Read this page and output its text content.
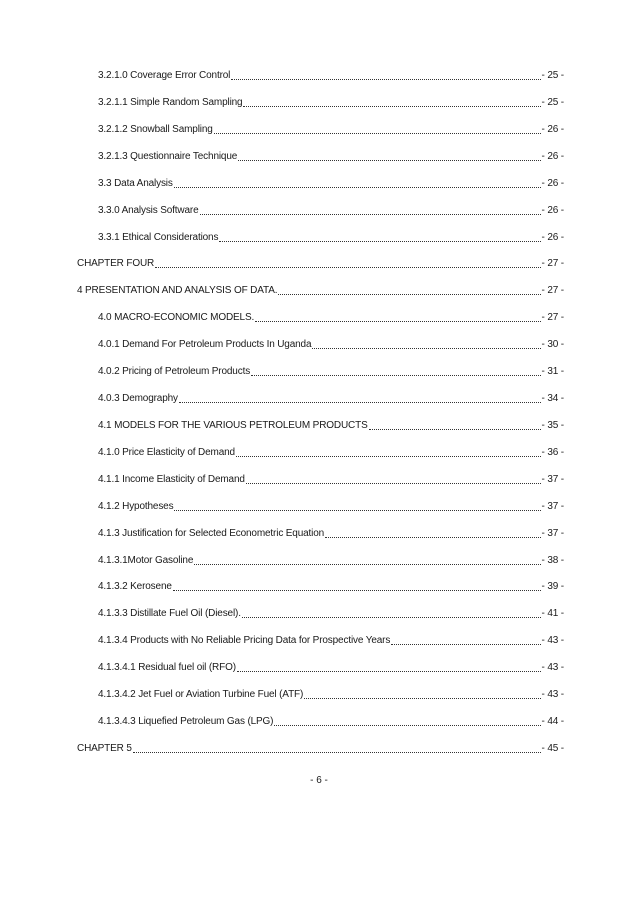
3.2.1.0 Coverage Error Control	- 25 -
3.2.1.1 Simple Random Sampling	- 25 -
3.2.1.2 Snowball Sampling	- 26 -
3.2.1.3 Questionnaire Technique	- 26 -
3.3 Data Analysis	- 26 -
3.3.0 Analysis Software	- 26 -
3.3.1 Ethical Considerations	- 26 -
CHAPTER FOUR	- 27 -
4 PRESENTATION AND ANALYSIS OF DATA.	- 27 -
4.0 MACRO-ECONOMIC MODELS.	- 27 -
4.0.1 Demand For Petroleum Products In Uganda	- 30 -
4.0.2 Pricing of Petroleum Products	- 31 -
4.0.3 Demography	- 34 -
4.1 MODELS FOR THE VARIOUS PETROLEUM PRODUCTS	- 35 -
4.1.0 Price Elasticity of Demand	- 36 -
4.1.1 Income Elasticity of Demand	- 37 -
4.1.2 Hypotheses	- 37 -
4.1.3 Justification for Selected Econometric Equation	- 37 -
4.1.3.1Motor Gasoline	- 38 -
4.1.3.2 Kerosene	- 39 -
4.1.3.3 Distillate Fuel Oil (Diesel).	- 41 -
4.1.3.4 Products with No Reliable Pricing Data for Prospective Years	- 43 -
4.1.3.4.1 Residual fuel oil (RFO)	- 43 -
4.1.3.4.2 Jet Fuel or Aviation Turbine Fuel (ATF)	- 43 -
4.1.3.4.3 Liquefied Petroleum Gas (LPG)	- 44 -
CHAPTER 5	- 45 -
- 6 -
